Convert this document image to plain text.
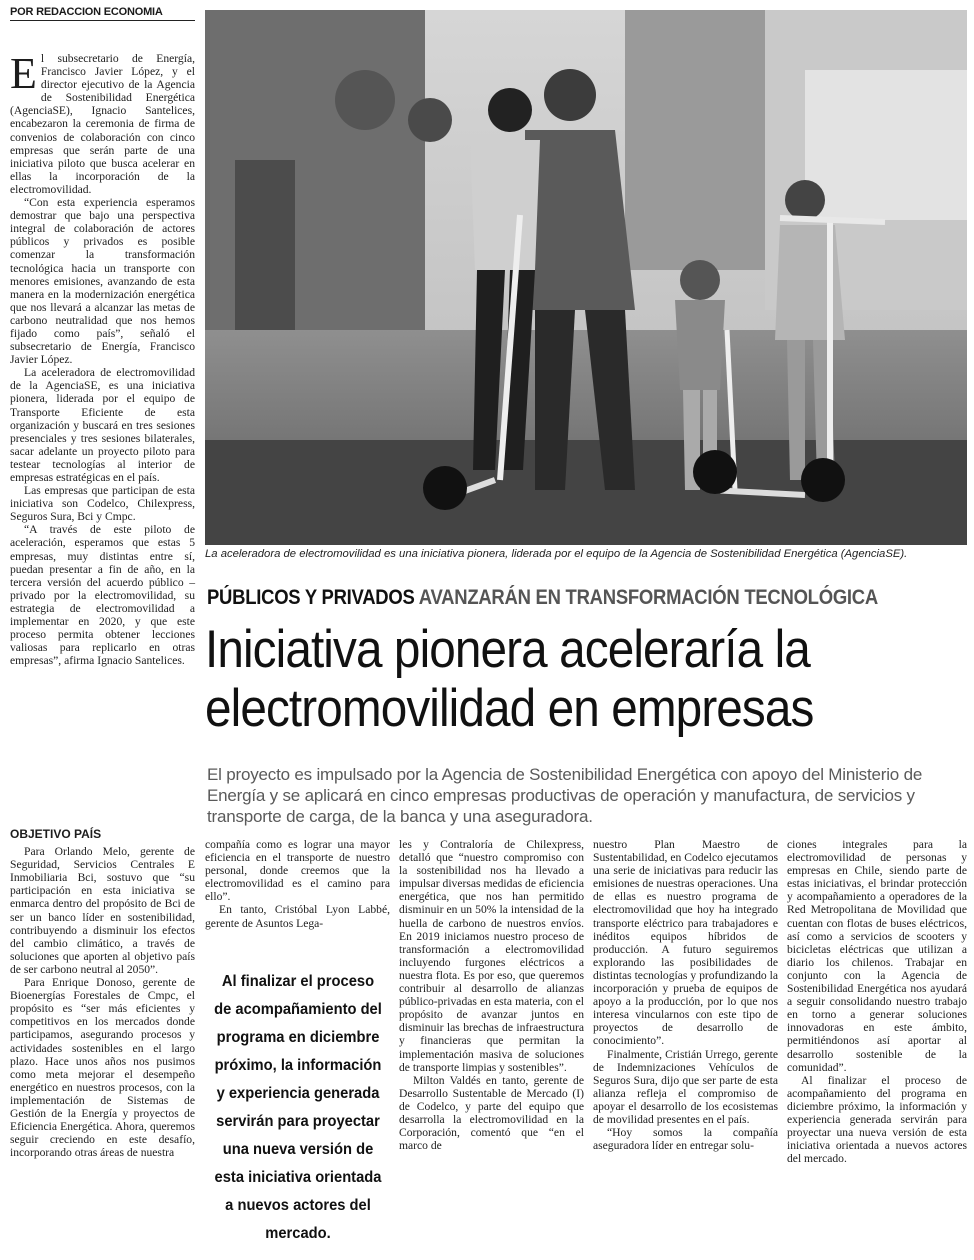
POR REDACCION ECONOMIA

El subsecretario de Energía, Francisco Javier López, y el director ejecutivo de la Agencia de Sostenibilidad Energética (AgenciaSE), Ignacio Santelices, encabezaron la ceremonia de firma de convenios de colaboración con cinco empresas que serán parte de una iniciativa piloto que busca acelerar en ellas la incorporación de la electromovilidad.

“Con esta experiencia esperamos demostrar que bajo una perspectiva integral de colaboración de actores públicos y privados es posible comenzar la transformación tecnológica hacia un transporte con menores emisiones, avanzando de esta manera en la modernización energética que nos llevará a alcanzar las metas de carbono neutralidad que nos hemos fijado como país”, señaló el subsecretario de Energía, Francisco Javier López.

La aceleradora de electromovilidad de la AgenciaSE, es una iniciativa pionera, liderada por el equipo de Transporte Eficiente de esta organización y buscará en tres sesiones presenciales y tres sesiones bilaterales, sacar adelante un proyecto piloto para testear tecnologías al interior de empresas estratégicas en el país.

Las empresas que participan de esta iniciativa son Codelco, Chilexpress, Seguros Sura, Bci y Cmpc.

“A través de este piloto de aceleración, esperamos que estas 5 empresas, muy distintas entre sí, puedan presentar a fin de año, en la tercera versión del acuerdo público – privado por la electromovilidad, su estrategia de electromovilidad a implementar en 2020, y que este proceso permita obtener lecciones valiosas para replicarlo en otras empresas”, afirma Ignacio Santelices.

OBJETIVO PAÍS

Para Orlando Melo, gerente de Seguridad, Servicios Centrales E Inmobiliaria Bci, sostuvo que “su participación en esta iniciativa se enmarca dentro del propósito de Bci de ser un banco líder en sostenibilidad, contribuyendo a disminuir los efectos del cambio climático, a través de soluciones que aporten al objetivo país de ser carbono neutral al 2050”.

Para Enrique Donoso, gerente de Bioenergías Forestales de Cmpc, el propósito es “ser más eficientes y competitivos en los mercados donde participamos, asegurando procesos y actividades sostenibles en el largo plazo. Hace unos años nos pusimos como meta mejorar el desempeño energético en nuestros procesos, con la implementación de Sistemas de Gestión de la Energía y proyectos de Eficiencia Energética. Ahora, queremos seguir creciendo en este desafío, incorporando otras áreas de nuestra

La aceleradora de electromovilidad es una iniciativa pionera, liderada por el equipo de la Agencia de Sostenibilidad Energética (AgenciaSE).
PÚBLICOS Y PRIVADOS AVANZARÁN EN TRANSFORMACIÓN TECNOLÓGICA
Iniciativa pionera aceleraría la
electromovilidad en empresas
El proyecto es impulsado por la Agencia de Sostenibilidad Energética con apoyo del Ministerio de Energía y se aplicará en cinco empresas productivas de operación y manufactura, de servicios y transporte de carga, de la banca y una aseguradora.

compañía como es lograr una mayor eficiencia en el transporte de nuestro personal, donde creemos que la electromovilidad es el camino para ello”.

En tanto, Cristóbal Lyon Labbé, gerente de Asuntos Lega-

Al finalizar el proceso de acompañamiento del programa en diciembre próximo, la información y experiencia generada servirán para proyectar una nueva versión de esta iniciativa orientada a nuevos actores del mercado.

les y Contraloría de Chilexpress, detalló que “nuestro compromiso con la sostenibilidad nos ha llevado a impulsar diversas medidas de eficiencia energética, que nos han permitido disminuir en un 50% la intensidad de la huella de carbono de nuestros envíos. En 2019 iniciamos nuestro proceso de transformación a electromovilidad incluyendo furgones eléctricos a nuestra flota. Es por eso, que queremos contribuir al desarrollo de alianzas público-privadas en esta materia, con el propósito de avanzar juntos en disminuir las brechas de infraestructura y financieras que permitan la implementación masiva de soluciones de transporte limpias y sostenibles”.

Milton Valdés en tanto, gerente de Desarrollo Sustentable de Mercado (I) de Codelco, y parte del equipo que desarrolla la electromovilidad en la Corporación, comentó que “en el marco de

nuestro Plan Maestro de Sustentabilidad, en Codelco ejecutamos una serie de iniciativas para reducir las emisiones de nuestras operaciones. Una de ellas es nuestro programa de electromovilidad que hoy ha integrado transporte eléctrico para trabajadores e inéditos equipos híbridos de producción. A futuro seguiremos explorando las posibilidades de distintas tecnologías y profundizando la incorporación y prueba de equipos de apoyo a la producción, por lo que nos interesa vincularnos con este tipo de proyectos de desarrollo de conocimiento”.

Finalmente, Cristián Urrego, gerente de Indemnizaciones Vehículos de Seguros Sura, dijo que ser parte de esta alianza refleja el compromiso de apoyar el desarrollo de los ecosistemas de movilidad presentes en el país.

“Hoy somos la compañía aseguradora líder en entregar solu-

ciones integrales para la electromovilidad de personas y empresas en Chile, siendo parte de estas iniciativas, el brindar protección y acompañamiento a operadores de la Red Metropolitana de Movilidad que cuentan con flotas de buses eléctricos, así como a servicios de scooters y bicicletas eléctricas que utilizan a diario los chilenos. Trabajar en conjunto con la Agencia de Sostenibilidad Energética nos ayudará a seguir consolidando nuestro trabajo en torno a generar soluciones innovadoras en este ámbito, permitiéndonos así aportar al desarrollo sostenible de la comunidad”.

Al finalizar el proceso de acompañamiento del programa en diciembre próximo, la información y experiencia generada servirán para proyectar una nueva versión de esta iniciativa orientada a nuevos actores del mercado.
